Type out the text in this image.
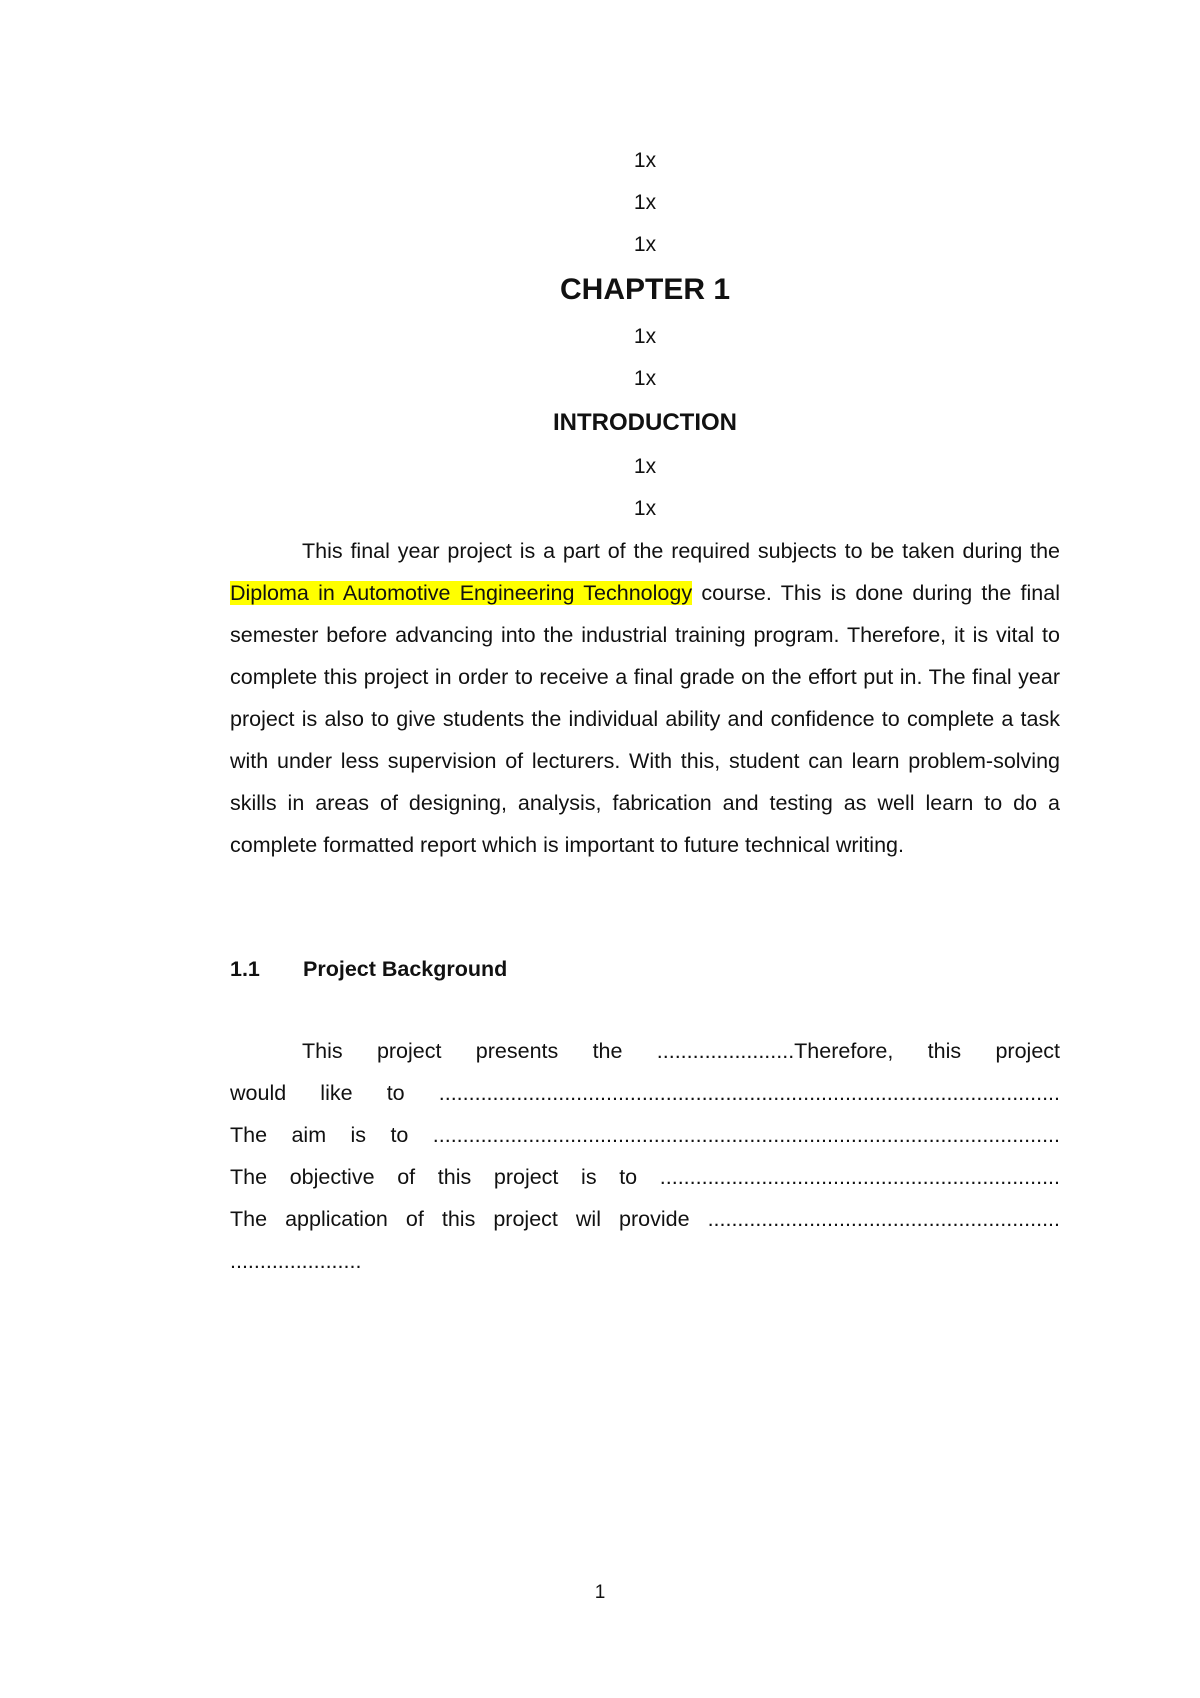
1x
1x
1x
CHAPTER 1
1x
1x
INTRODUCTION
1x
1x

This final year project is a part of the required subjects to be taken during the Diploma in Automotive Engineering Technology course. This is done during the final semester before advancing into the industrial training program. Therefore, it is vital to complete this project in order to receive a final grade on the effort put in. The final year project is also to give students the individual ability and confidence to complete a task with under less supervision of lecturers. With this, student can learn problem-solving skills in areas of designing, analysis, fabrication and testing as well learn to do a complete formatted report which is important to future technical writing.

1.1	Project Background
This project presents the .......................Therefore, this project
would like to ........................................................................................................
The aim is to .........................................................................................................
The objective of this project is to ...................................................................
The application of this project wil provide ...........................................................
......................
1
